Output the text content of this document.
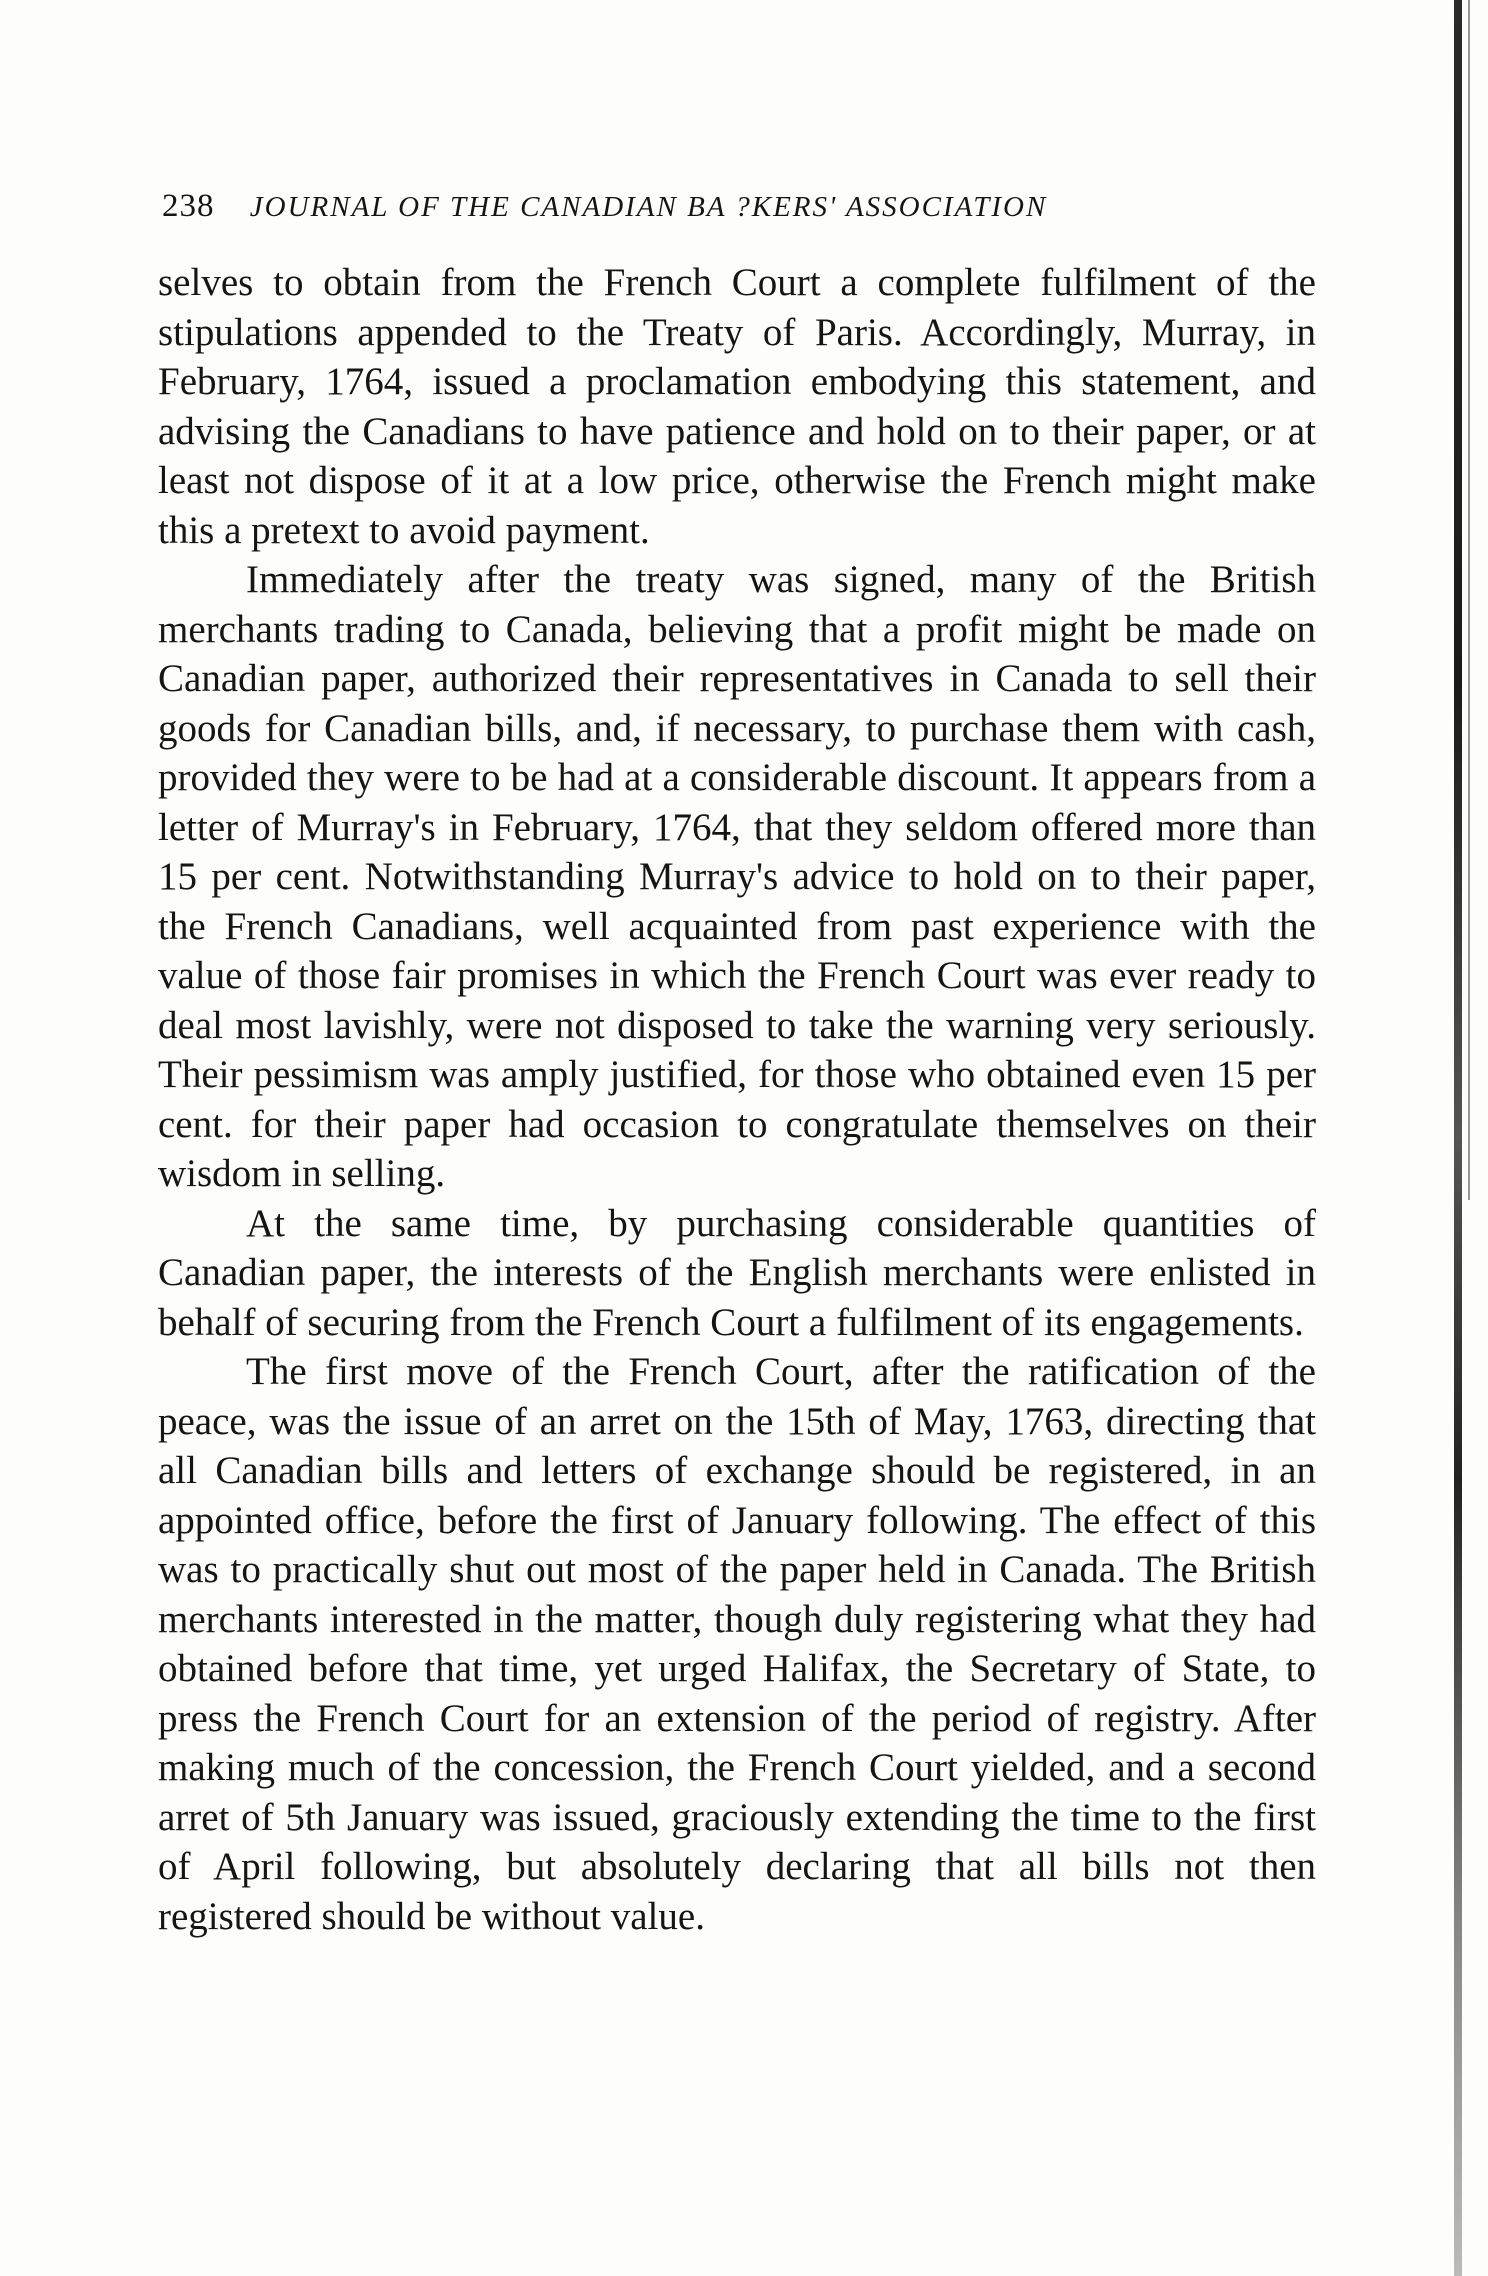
238 JOURNAL OF THE CANADIAN BA ?KERS' ASSOCIATION

selves to obtain from the French Court a complete fulfilment of the stipulations appended to the Treaty of Paris. Accordingly, Murray, in February, 1764, issued a proclamation embodying this statement, and advising the Canadians to have patience and hold on to their paper, or at least not dispose of it at a low price, otherwise the French might make this a pretext to avoid payment.

Immediately after the treaty was signed, many of the British merchants trading to Canada, believing that a profit might be made on Canadian paper, authorized their representatives in Canada to sell their goods for Canadian bills, and, if necessary, to purchase them with cash, provided they were to be had at a considerable discount. It appears from a letter of Murray's in February, 1764, that they seldom offered more than 15 per cent. Notwithstanding Murray's advice to hold on to their paper, the French Canadians, well acquainted from past experience with the value of those fair promises in which the French Court was ever ready to deal most lavishly, were not disposed to take the warning very seriously. Their pessimism was amply justified, for those who obtained even 15 per cent. for their paper had occasion to congratulate themselves on their wisdom in selling.

At the same time, by purchasing considerable quantities of Canadian paper, the interests of the English merchants were enlisted in behalf of securing from the French Court a fulfilment of its engagements.

The first move of the French Court, after the ratification of the peace, was the issue of an arret on the 15th of May, 1763, directing that all Canadian bills and letters of exchange should be registered, in an appointed office, before the first of January following. The effect of this was to practically shut out most of the paper held in Canada. The British merchants interested in the matter, though duly registering what they had obtained before that time, yet urged Halifax, the Secretary of State, to press the French Court for an extension of the period of registry. After making much of the concession, the French Court yielded, and a second arret of 5th January was issued, graciously extending the time to the first of April following, but absolutely declaring that all bills not then registered should be without value.
